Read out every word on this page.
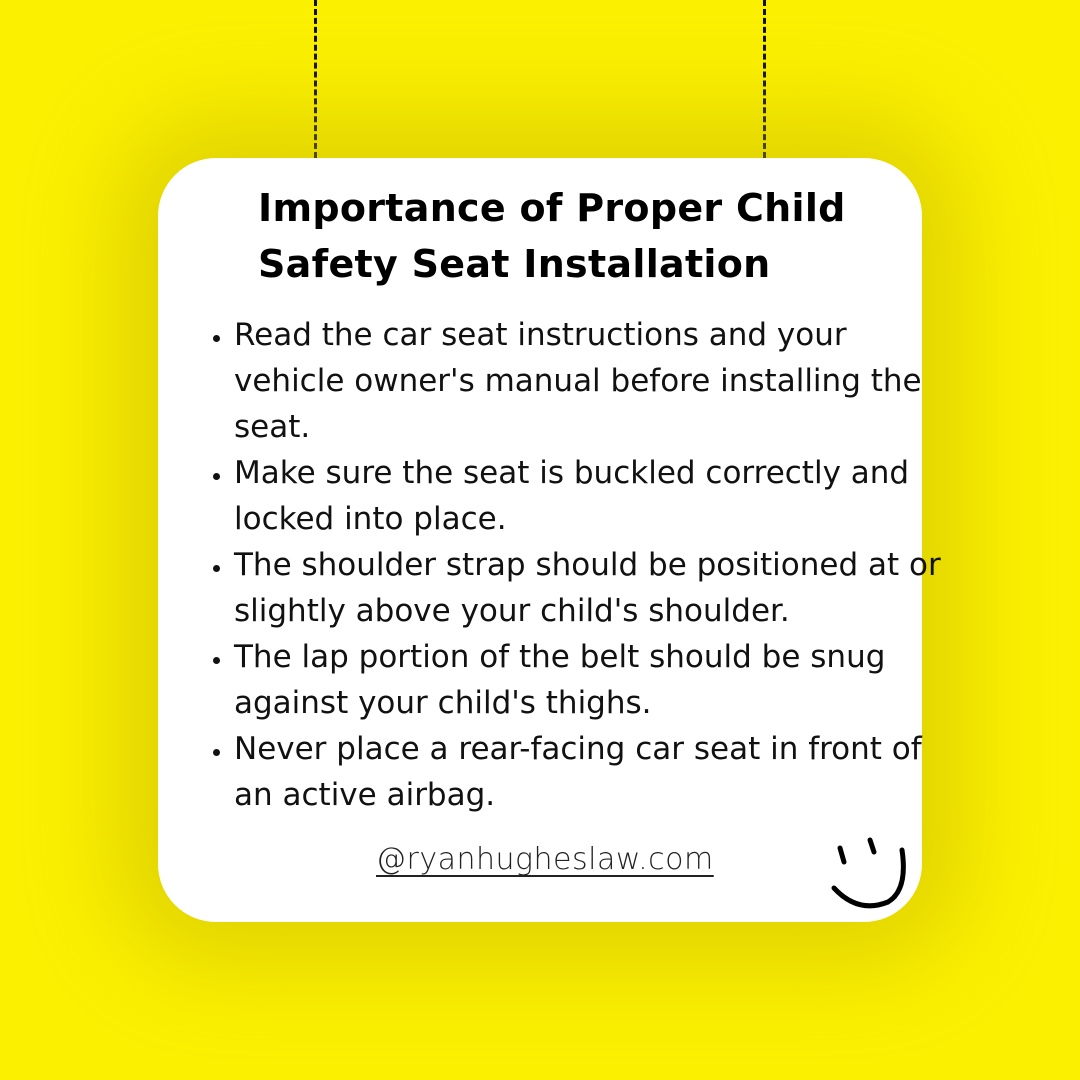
Importance of Proper Child Safety Seat Installation
• Read the car seat instructions and your vehicle owner's manual before installing the seat.
• Make sure the seat is buckled correctly and locked into place.
• The shoulder strap should be positioned at or slightly above your child's shoulder.
• The lap portion of the belt should be snug against your child's thighs.
• Never place a rear-facing car seat in front of an active airbag.
@ryanhugheslaw.com
